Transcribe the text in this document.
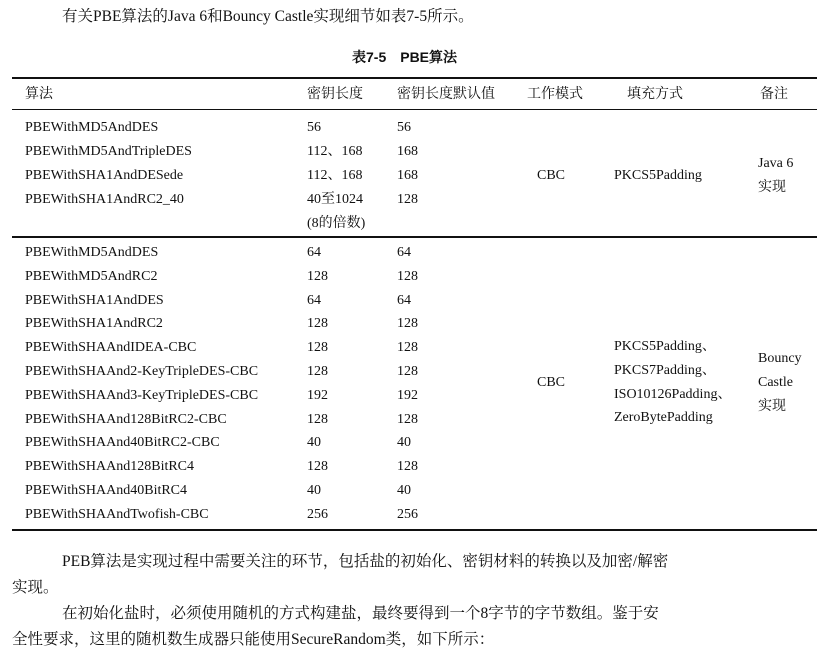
有关PBE算法的Java 6和Bouncy Castle实现细节如表7-5所示。
表7-5　PBE算法
算法	密钥长度 密钥长度默认值 工作模式	填充方式	备注
PBEWithMD5AndDES	56	56
PBEWithMD5AndTripleDES	112、168 168
PBEWithSHA1AndDESede	112、168 168
PBEWithSHA1AndRC2_40	40至1024 128
(8的倍数)
CBC	PKCS5Padding
Java 6
实现
PBEWithMD5AndDES	64	64
PBEWithMD5AndRC2	128	128
PBEWithSHA1AndDES	64	64
PBEWithSHA1AndRC2	128	128
PBEWithSHAAndIDEA-CBC	128	128
PBEWithSHAAnd2-KeyTripleDES-CBC	128	128
PBEWithSHAAnd3-KeyTripleDES-CBC	192	192
PBEWithSHAAnd128BitRC2-CBC	128	128
PBEWithSHAAnd40BitRC2-CBC	40	40
PBEWithSHAAnd128BitRC4	128	128
PBEWithSHAAnd40BitRC4	40	40
PBEWithSHAAndTwofish-CBC	256	256
CBC
PKCS5Padding、
PKCS7Padding、
ISO10126Padding、
ZeroBytePadding
Bouncy
Castle
实现
PEB算法是实现过程中需要关注的环节，包括盐的初始化、密钥材料的转换以及加密/解密
实现。
在初始化盐时，必须使用随机的方式构建盐，最终要得到一个8字节的字节数组。鉴于安
全性要求，这里的随机数生成器只能使用SecureRandom类，如下所示：
